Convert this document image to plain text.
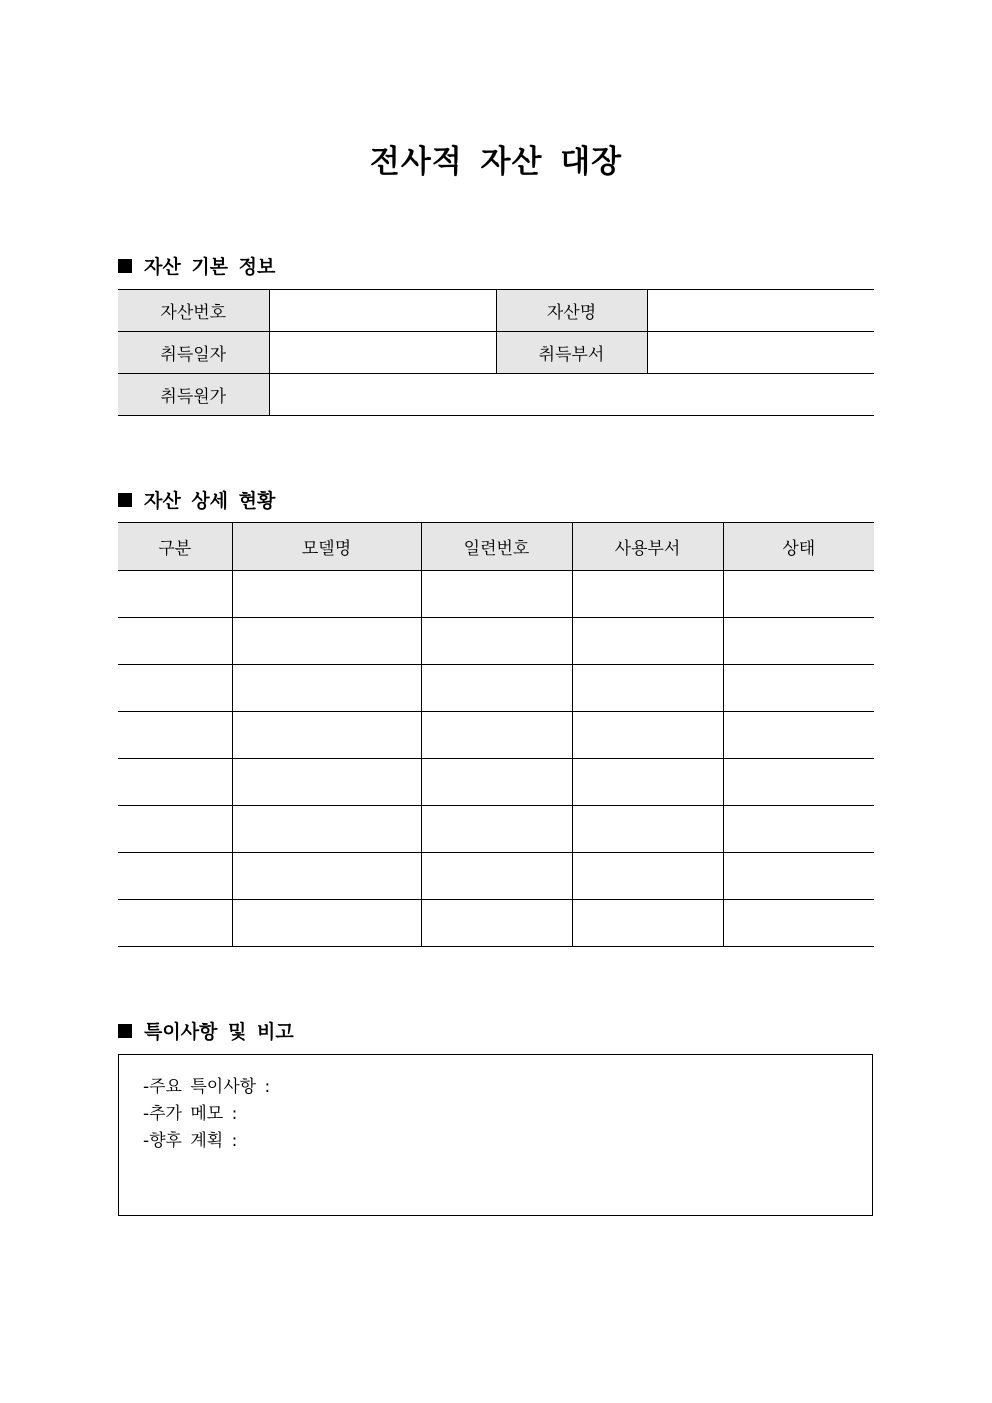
전사적 자산 대장
자산 기본 정보
자산번호		자산명	
취득일자		취득부서	
취득원가			
자산 상세 현황
구분	모델명	일련번호	사용부서	상태

특이사항 및 비고
-주요 특이사항 :
-추가 메모 :
-향후 계획 :
